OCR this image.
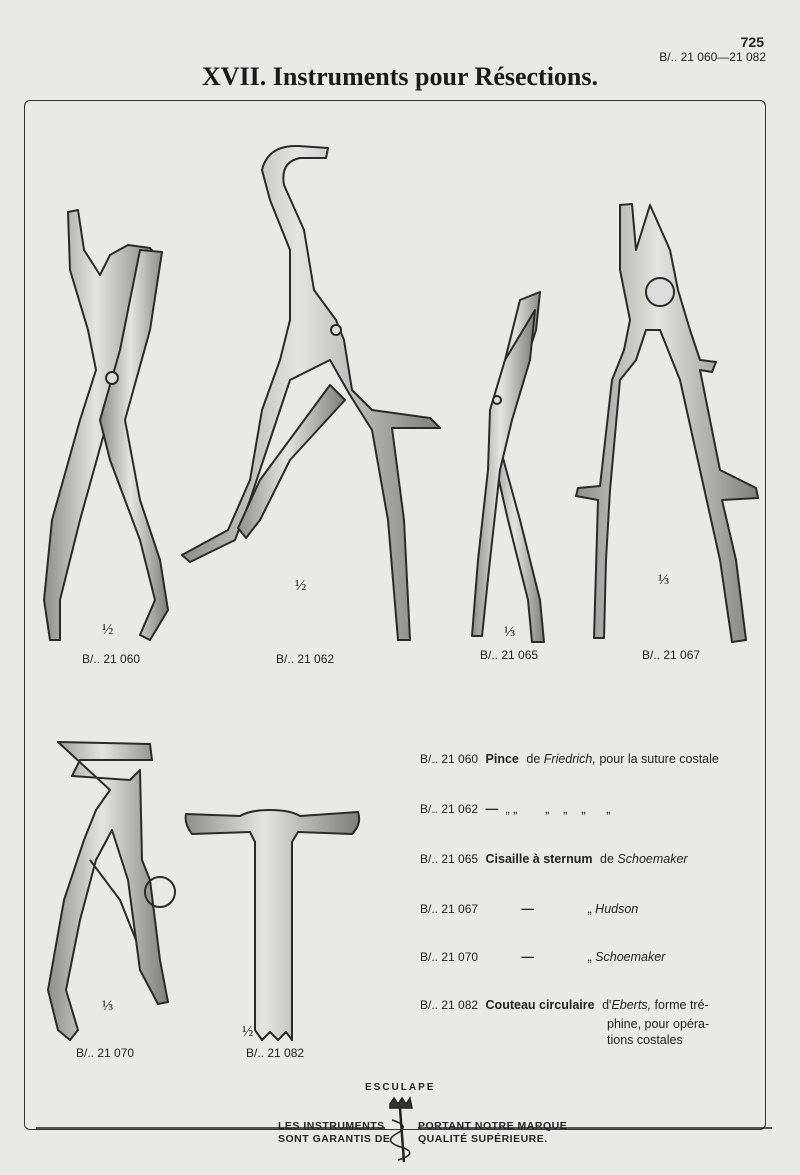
725
B/.. 21 060—21 082
XVII. Instruments pour Résections.
½
B/.. 21 060
½
B/.. 21 062
⅓
B/.. 21 065
⅓
B/.. 21 067
⅓
B/.. 21 070
½
B/.. 21 082
B/.. 21 060 Pince de Friedrich, pour la suture costale
B/.. 21 062 — „ „        „    „    „      „
B/.. 21 065 Cisaille à sternum de Schoemaker
B/.. 21 067	—	„ Hudson
B/.. 21 070	—	„ Schoemaker
B/.. 21 082 Couteau circulaire d'Eberts, forme tré-
phine, pour opéra-
tions costales
ESCULAPE
LES INSTRUMENTS
SONT GARANTIS DE
PORTANT NOTRE MARQUE
QUALITÉ SUPÉRIEURE.
